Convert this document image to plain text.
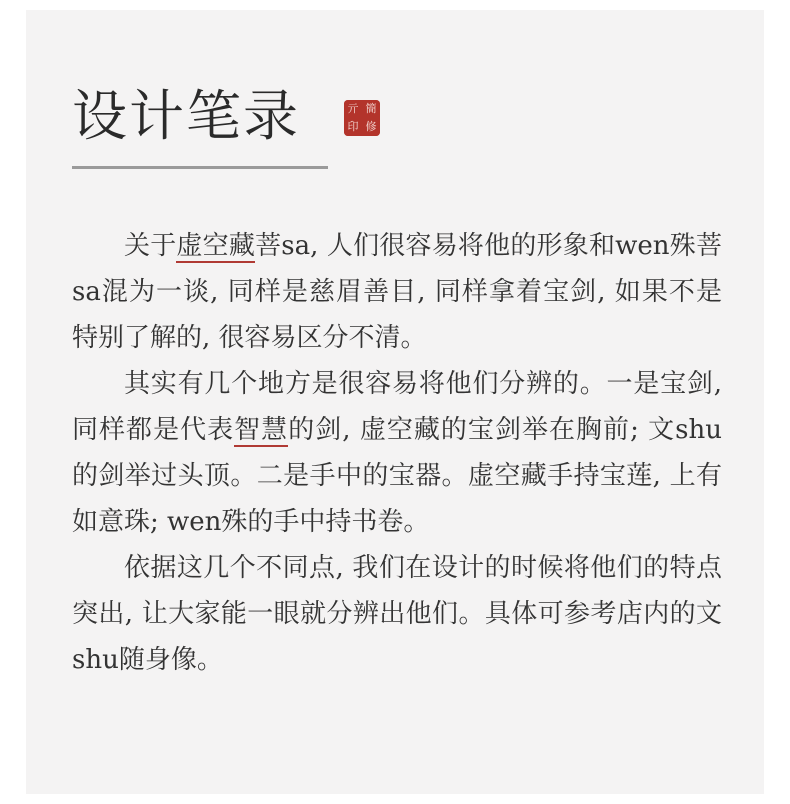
设计笔录	亓 簡
印 修

关于虚空藏菩sa, 人们很容易将他的形象和wen殊菩sa混为一谈, 同样是慈眉善目, 同样拿着宝剑, 如果不是特别了解的, 很容易区分不清。

其实有几个地方是很容易将他们分辨的。一是宝剑, 同样都是代表智慧的剑, 虚空藏的宝剑举在胸前; 文shu的剑举过头顶。二是手中的宝器。虚空藏手持宝莲, 上有如意珠; wen殊的手中持书卷。

依据这几个不同点, 我们在设计的时候将他们的特点突出, 让大家能一眼就分辨出他们。具体可参考店内的文shu随身像。
